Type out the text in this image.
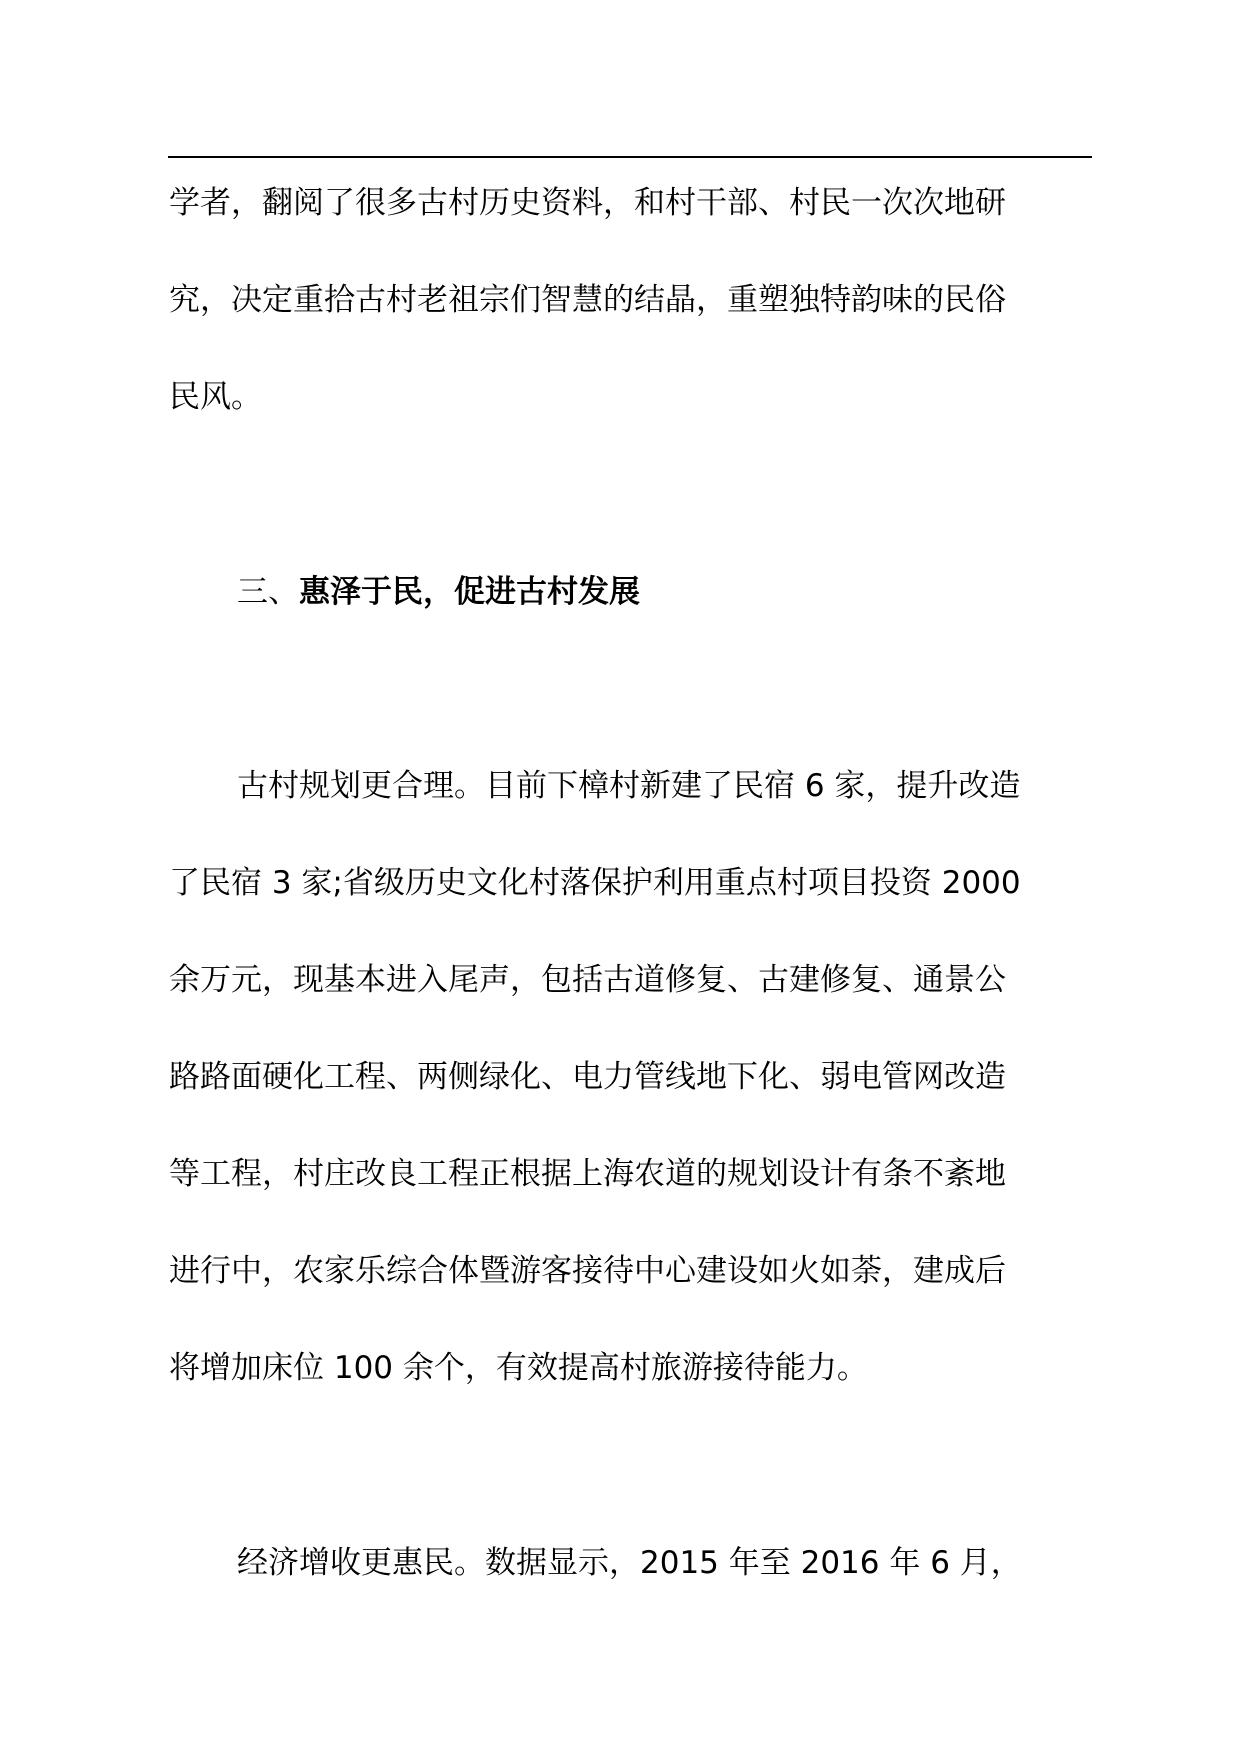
学者，翻阅了很多古村历史资料，和村干部、村民一次次地研
究，决定重拾古村老祖宗们智慧的结晶，重塑独特韵味的民俗
民风。
三、惠泽于民，促进古村发展
古村规划更合理。目前下樟村新建了民宿 6 家，提升改造
了民宿 3 家;省级历史文化村落保护利用重点村项目投资 2000
余万元，现基本进入尾声，包括古道修复、古建修复、通景公
路路面硬化工程、两侧绿化、电力管线地下化、弱电管网改造
等工程，村庄改良工程正根据上海农道的规划设计有条不紊地
进行中，农家乐综合体暨游客接待中心建设如火如荼，建成后
将增加床位 100 余个，有效提高村旅游接待能力。
经济增收更惠民。数据显示，2015 年至 2016 年 6 月，
